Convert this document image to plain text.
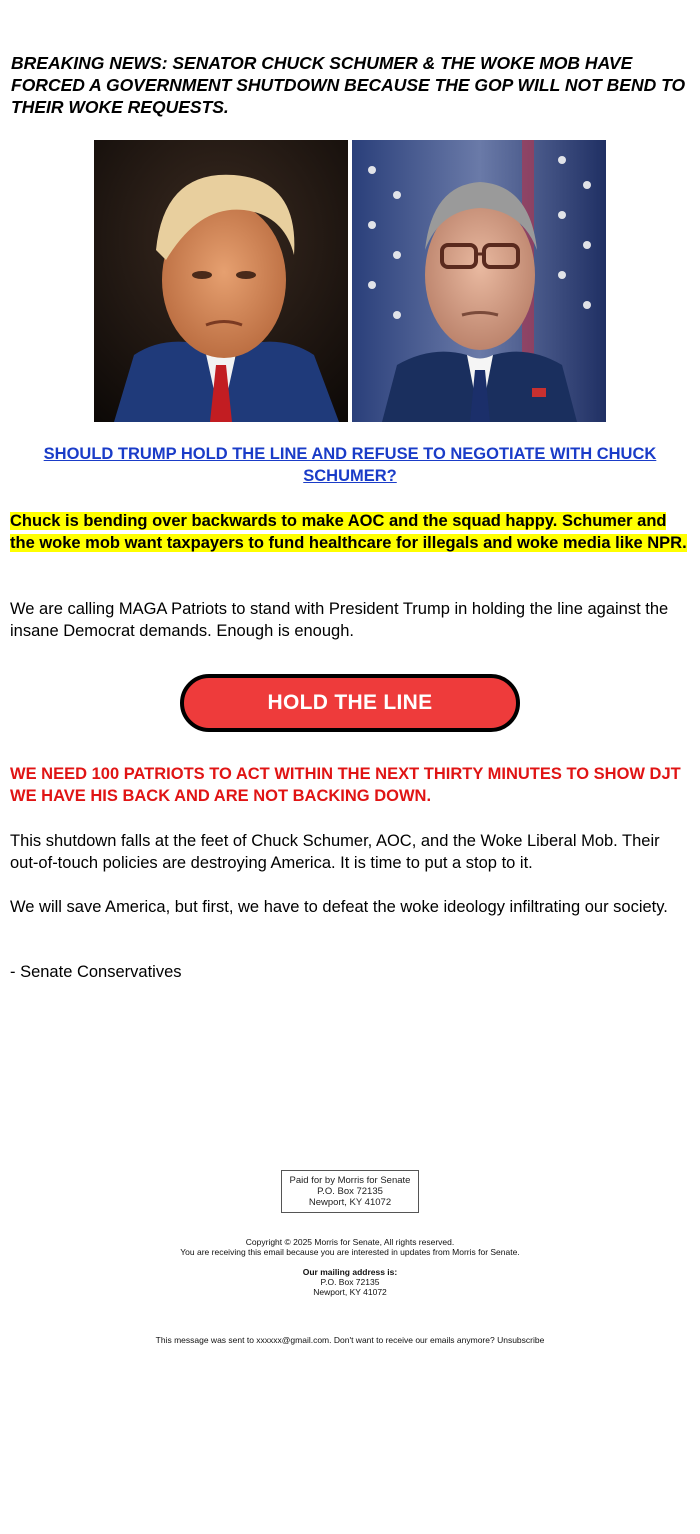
BREAKING NEWS: SENATOR CHUCK SCHUMER & THE WOKE MOB HAVE FORCED A GOVERNMENT SHUTDOWN BECAUSE THE GOP WILL NOT BEND TO THEIR WOKE REQUESTS.
SHOULD TRUMP HOLD THE LINE AND REFUSE TO NEGOTIATE WITH CHUCK SCHUMER?
Chuck is bending over backwards to make AOC and the squad happy. Schumer and the woke mob want taxpayers to fund healthcare for illegals and woke media like NPR.
We are calling MAGA Patriots to stand with President Trump in holding the line against the insane Democrat demands. Enough is enough.
HOLD THE LINE
WE NEED 100 PATRIOTS TO ACT WITHIN THE NEXT THIRTY MINUTES TO SHOW DJT WE HAVE HIS BACK AND ARE NOT BACKING DOWN.
This shutdown falls at the feet of Chuck Schumer, AOC, and the Woke Liberal Mob. Their out-of-touch policies are destroying America. It is time to put a stop to it.
We will save America, but first, we have to defeat the woke ideology infiltrating our society.
- Senate Conservatives
Paid for by Morris for Senate
P.O. Box 72135
Newport, KY 41072
Copyright © 2025 Morris for Senate, All rights reserved.
You are receiving this email because you are interested in updates from Morris for Senate.
Our mailing address is:
P.O. Box 72135
Newport, KY 41072
This message was sent to xxxxxx@gmail.com. Don't want to receive our emails anymore? Unsubscribe
